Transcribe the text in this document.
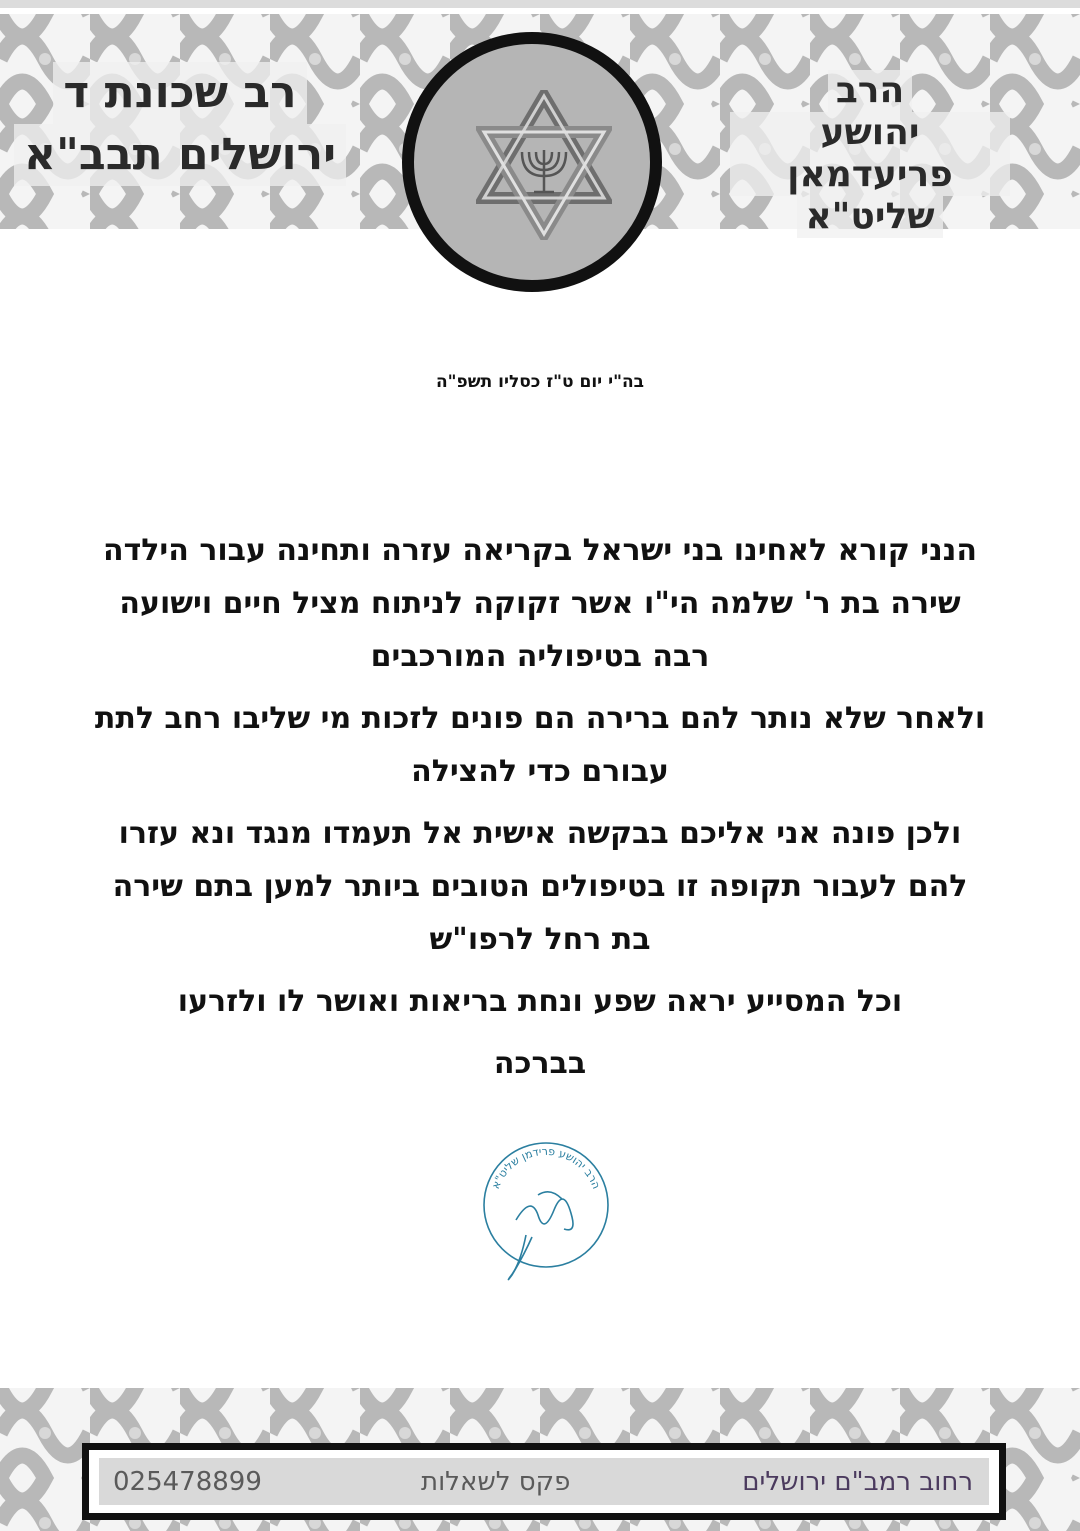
רב שכונת ד
ירושלים תבב"א
הרב
יהושע פריעדמאן
שליט"א
בה"י יום ט"ז כסליו תשפ"ה
הנני קורא לאחינו בני ישראל בקריאה עזרה ותחינה עבור הילדה
שירה בת ר' שלמה הי"ו אשר זקוקה לניתוח מציל חיים וישועה
רבה בטיפוליה המורכבים
ולאחר שלא נותר להם ברירה הם פונים לזכות מי שליבו רחב לתת
עבורם כדי להצילה
ולכן פונה אני אליכם בבקשה אישית אל תעמדו מנגד ונא עזרו
להם לעבור תקופה זו בטיפולים הטובים ביותר למען בתם שירה
בת רחל לרפו"ש
וכל המסייע יראה שפע ונחת בריאות ואושר לו ולזרעו
בברכה
הרב יהושע פרידמן שליט"א
רחוב רמב"ם ירושלים
פקס לשאלות
025478899
